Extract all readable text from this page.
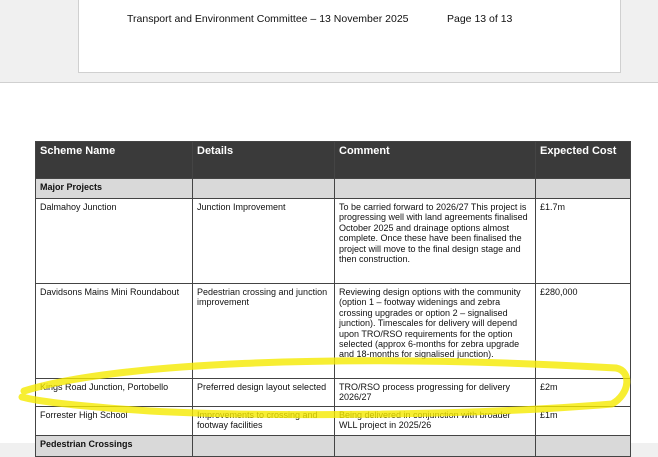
Transport and Environment Committee – 13 November 2025	Page 13 of 13
Scheme Name	Details	Comment	Expected Cost
Major Projects			
Dalmahoy Junction	Junction Improvement	To be carried forward to 2026/27 This project is progressing well with land agreements finalised October 2025 and drainage options almost complete. Once these have been finalised the project will move to the final design stage and then construction.	£1.7m
Davidsons Mains Mini Roundabout	Pedestrian crossing and junction improvement	Reviewing design options with the community (option 1 – footway widenings and zebra crossing upgrades or option 2 – signalised junction). Timescales for delivery will depend upon TRO/RSO requirements for the option selected (approx 6-months for zebra upgrade and 18-months for signalised junction).	£280,000
Kings Road Junction, Portobello	Preferred design layout selected	TRO/RSO process progressing for delivery 2026/27	£2m
Forrester High School	Improvements to crossing and footway facilities	Being delivered in conjunction with broader WLL project in 2025/26	£1m
Pedestrian Crossings			
